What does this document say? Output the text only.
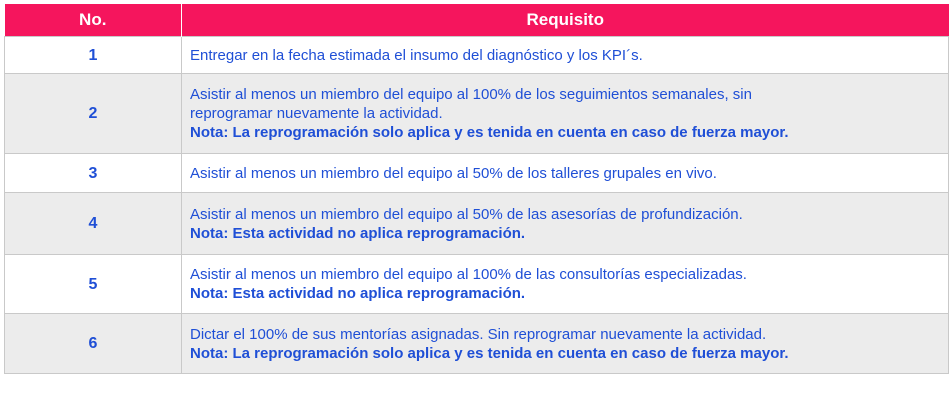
No.	Requisito
1	Entregar en la fecha estimada el insumo del diagnóstico y los KPI´s.

2	Asistir al menos un miembro del equipo al 100% de los seguimientos semanales, sin
reprogramar nuevamente la actividad.
Nota: La reprogramación solo aplica y es tenida en cuenta en caso de fuerza mayor.

3	Asistir al menos un miembro del equipo al 50% de los talleres grupales en vivo.

4	Asistir al menos un miembro del equipo al 50% de las asesorías de profundización.
Nota: Esta actividad no aplica reprogramación.

5	Asistir al menos un miembro del equipo al 100% de las consultorías especializadas.
Nota: Esta actividad no aplica reprogramación.

6	Dictar el 100% de sus mentorías asignadas. Sin reprogramar nuevamente la actividad.
Nota: La reprogramación solo aplica y es tenida en cuenta en caso de fuerza mayor.
